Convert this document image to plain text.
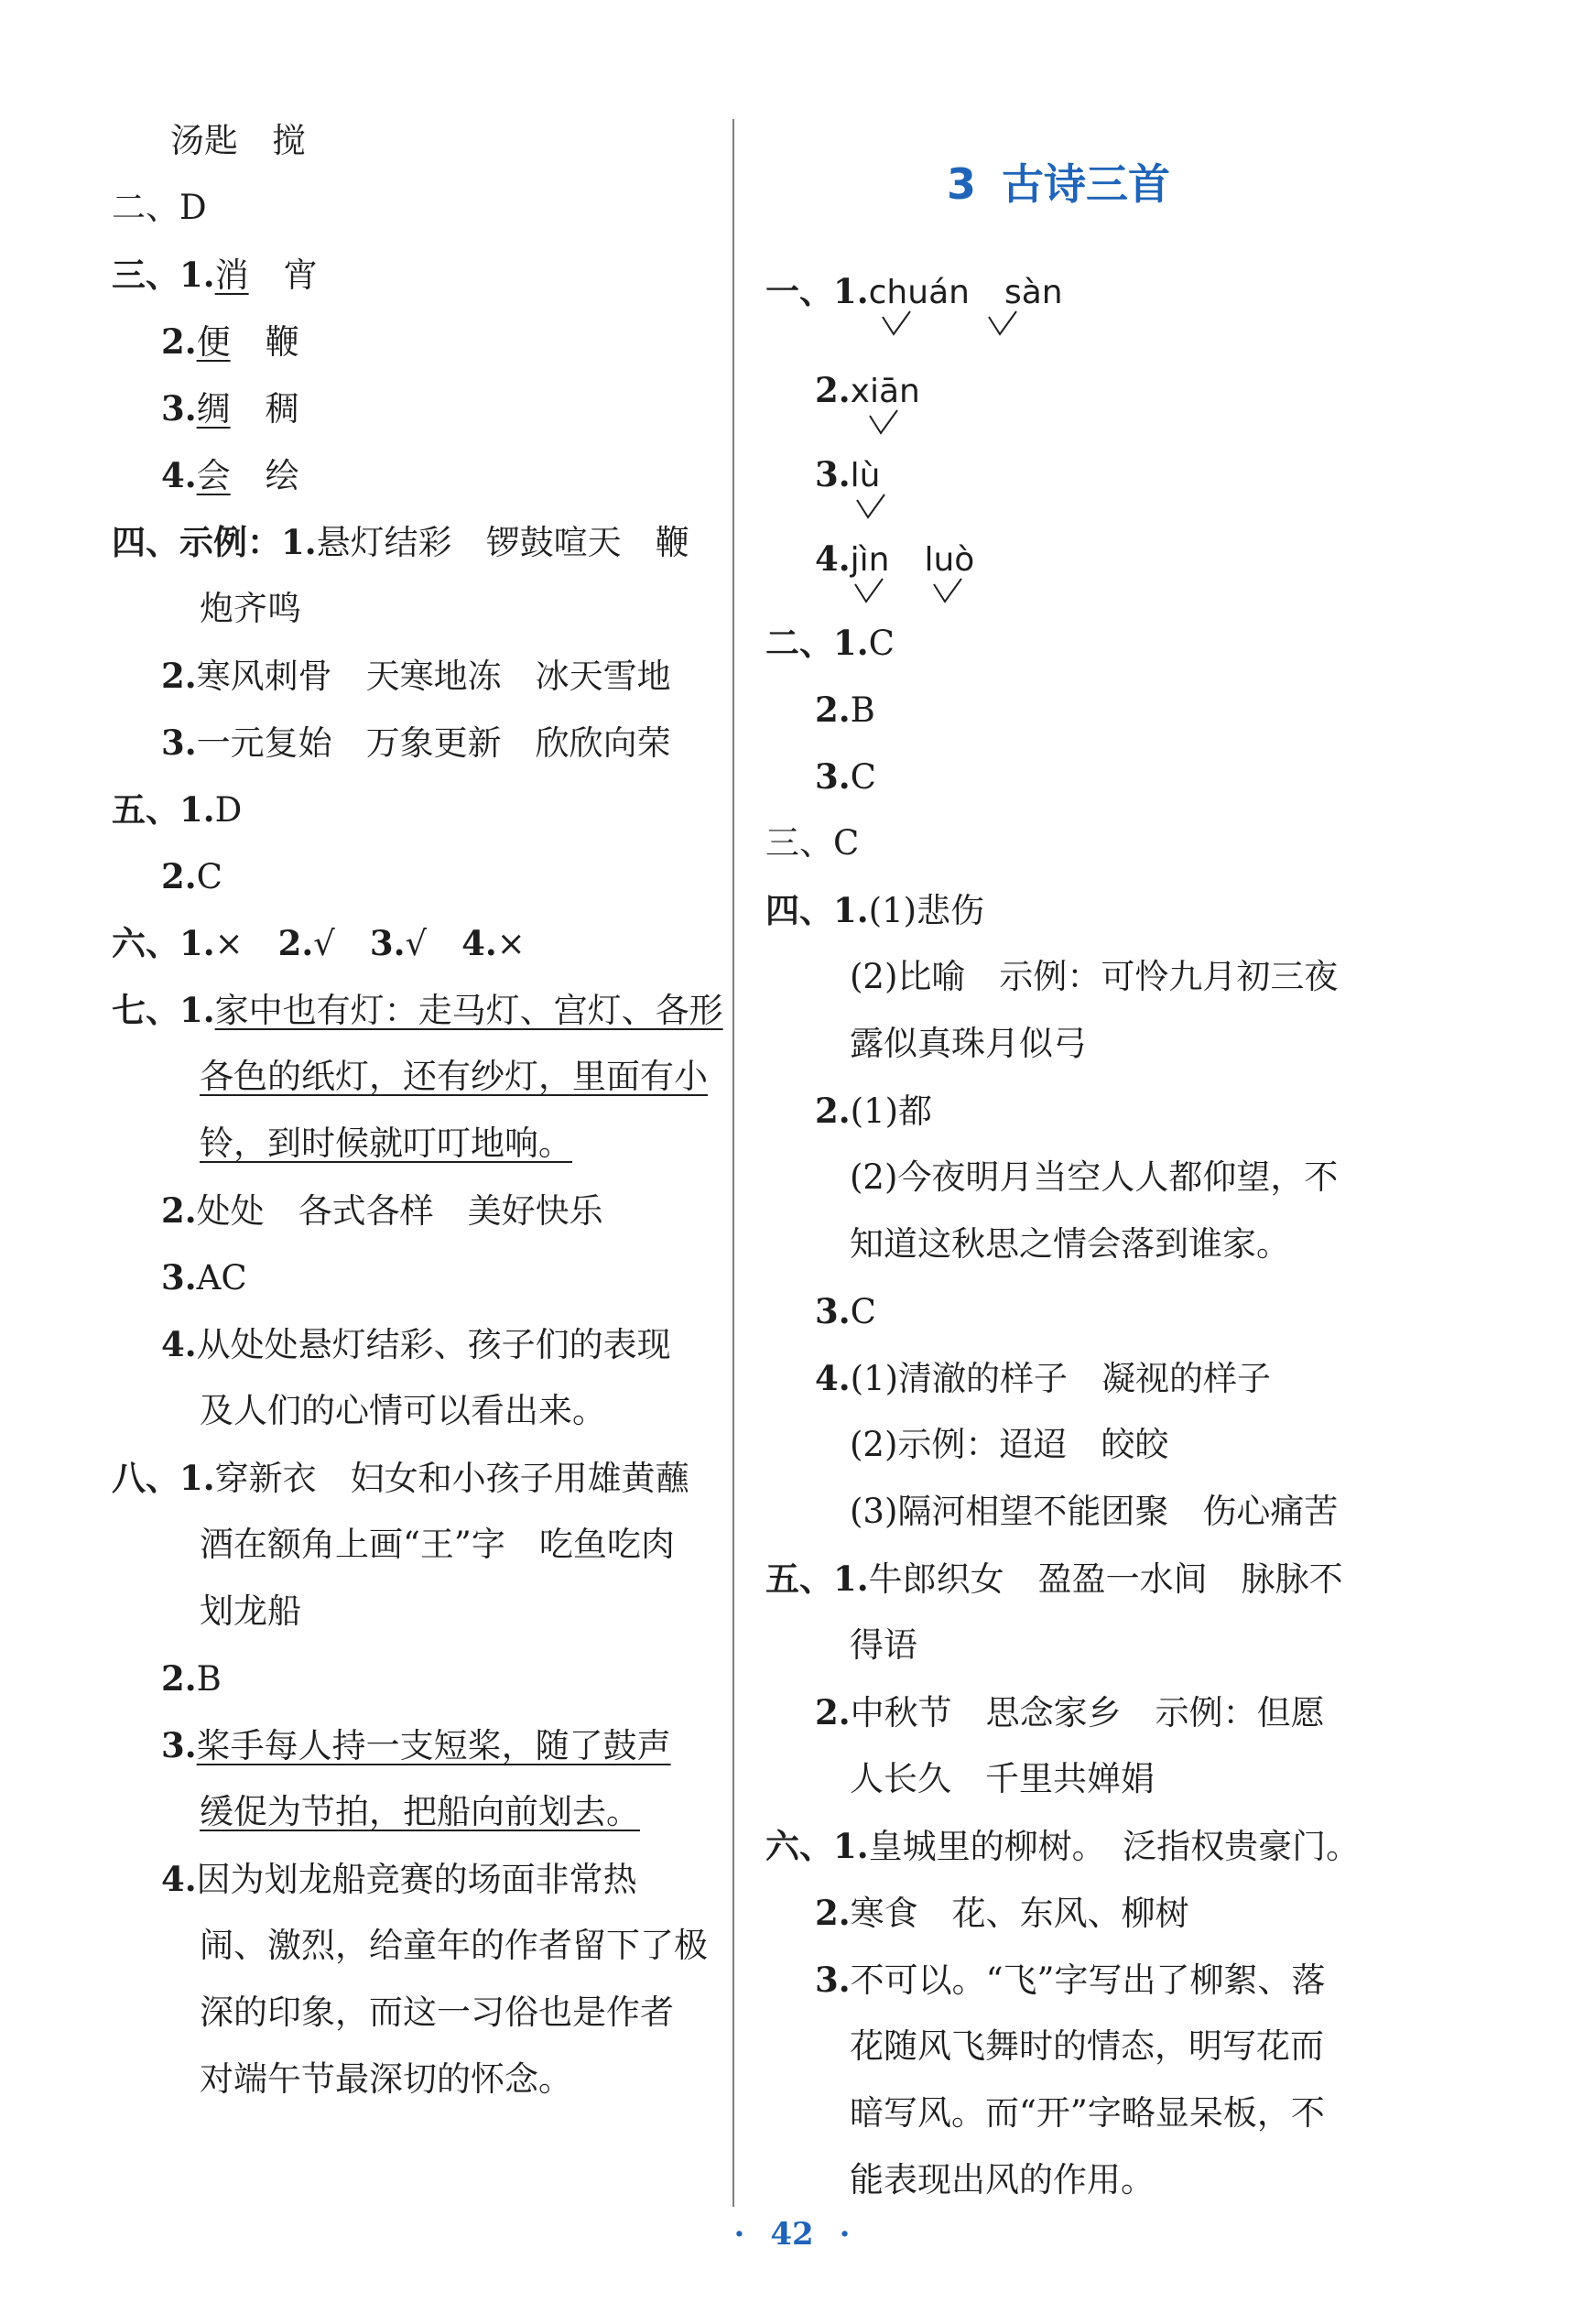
汤匙　搅
二、D
三、1.消 宵
2.便 鞭
3.绸 稠
4.会 绘
四、示例：1.悬灯结彩　锣鼓喧天　鞭
炮齐鸣
2.寒风刺骨　天寒地冻　冰天雪地
3.一元复始　万象更新　欣欣向荣
五、1.D
2.C
六、1.× 2.√ 3.√ 4.×
七、1.家中也有灯：走马灯、宫灯、各形
各色的纸灯，还有纱灯，里面有小
铃，到时候就叮叮地响。
2.处处　各式各样　美好快乐
3.AC
4.从处处悬灯结彩、孩子们的表现
及人们的心情可以看出来。
八、1.穿新衣　妇女和小孩子用雄黄蘸
酒在额角上画“王”字　吃鱼吃肉
划龙船
2.B
3.桨手每人持一支短桨，随了鼓声
缓促为节拍，把船向前划去。
4.因为划龙船竞赛的场面非常热
闹、激烈，给童年的作者留下了极
深的印象，而这一习俗也是作者
对端午节最深切的怀念。
3 古诗三首
一、1.chuán sàn
2.xiān
3.lù
4.jìn luò
二、1.C
2.B
3.C
三、C
四、1.(1)悲伤
(2)比喻　示例：可怜九月初三夜
露似真珠月似弓
2.(1)都
(2)今夜明月当空人人都仰望，不
知道这秋思之情会落到谁家。
3.C
4.(1)清澈的样子　凝视的样子
(2)示例：迢迢　皎皎
(3)隔河相望不能团聚　伤心痛苦
五、1.牛郎织女　盈盈一水间　脉脉不
得语
2.中秋节　思念家乡　示例：但愿
人长久　千里共婵娟
六、1.皇城里的柳树。　泛指权贵豪门。
2.寒食　花、东风、柳树
3.不可以。“飞”字写出了柳絮、落
花随风飞舞时的情态，明写花而
暗写风。而“开”字略显呆板，不
能表现出风的作用。
· 42 ·
